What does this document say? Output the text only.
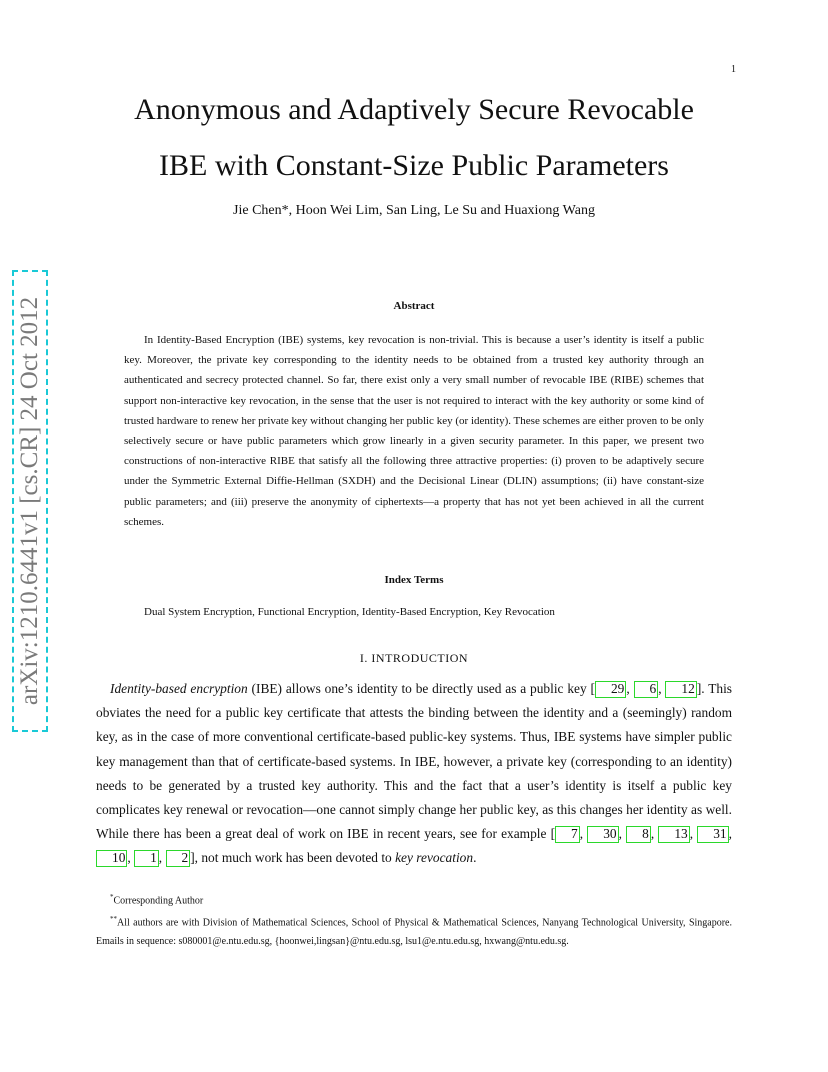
1
Anonymous and Adaptively Secure Revocable
IBE with Constant-Size Public Parameters
Jie Chen*, Hoon Wei Lim, San Ling, Le Su and Huaxiong Wang
arXiv:1210.6441v1 [cs.CR] 24 Oct 2012	Abstract

In Identity-Based Encryption (IBE) systems, key revocation is non-trivial. This is because a user’s identity is itself a public key. Moreover, the private key corresponding to the identity needs to be obtained from a trusted key authority through an authenticated and secrecy protected channel. So far, there exist only a very small number of revocable IBE (RIBE) schemes that support non-interactive key revocation, in the sense that the user is not required to interact with the key authority or some kind of trusted hardware to renew her private key without changing her public key (or identity). These schemes are either proven to be only selectively secure or have public parameters which grow linearly in a given security parameter. In this paper, we present two constructions of non-interactive RIBE that satisfy all the following three attractive properties: (i) proven to be adaptively secure under the Symmetric External Diffie-Hellman (SXDH) and the Decisional Linear (DLIN) assumptions; (ii) have constant-size public parameters; and (iii) preserve the anonymity of ciphertexts—a property that has not yet been achieved in all the current schemes.

Index Terms
Dual System Encryption, Functional Encryption, Identity-Based Encryption, Key Revocation
I. INTRODUCTION

Identity-based encryption (IBE) allows one’s identity to be directly used as a public key [ 29 , 6 , 12 ]. This obviates the need for a public key certificate that attests the binding between the identity and a (seemingly) random key, as in the case of more conventional certificate-based public-key systems. Thus, IBE systems have simpler public key management than that of certificate-based systems. In IBE, however, a private key (corresponding to an identity) needs to be generated by a trusted key authority. This and the fact that a user’s identity is itself a public key complicates key renewal or revocation—one cannot simply change her public key, as this changes her identity as well. While there has been a great deal of work on IBE in recent years, see for example [ 7 , 30 , 8 , 13 , 31 , 10 , 1 , 2 ], not much work has been devoted to key revocation.

*Corresponding Author

**All authors are with Division of Mathematical Sciences, School of Physical & Mathematical Sciences, Nanyang Technological University, Singapore. Emails in sequence: s080001@e.ntu.edu.sg, {hoonwei,lingsan}@ntu.edu.sg, lsu1@e.ntu.edu.sg, hxwang@ntu.edu.sg.
